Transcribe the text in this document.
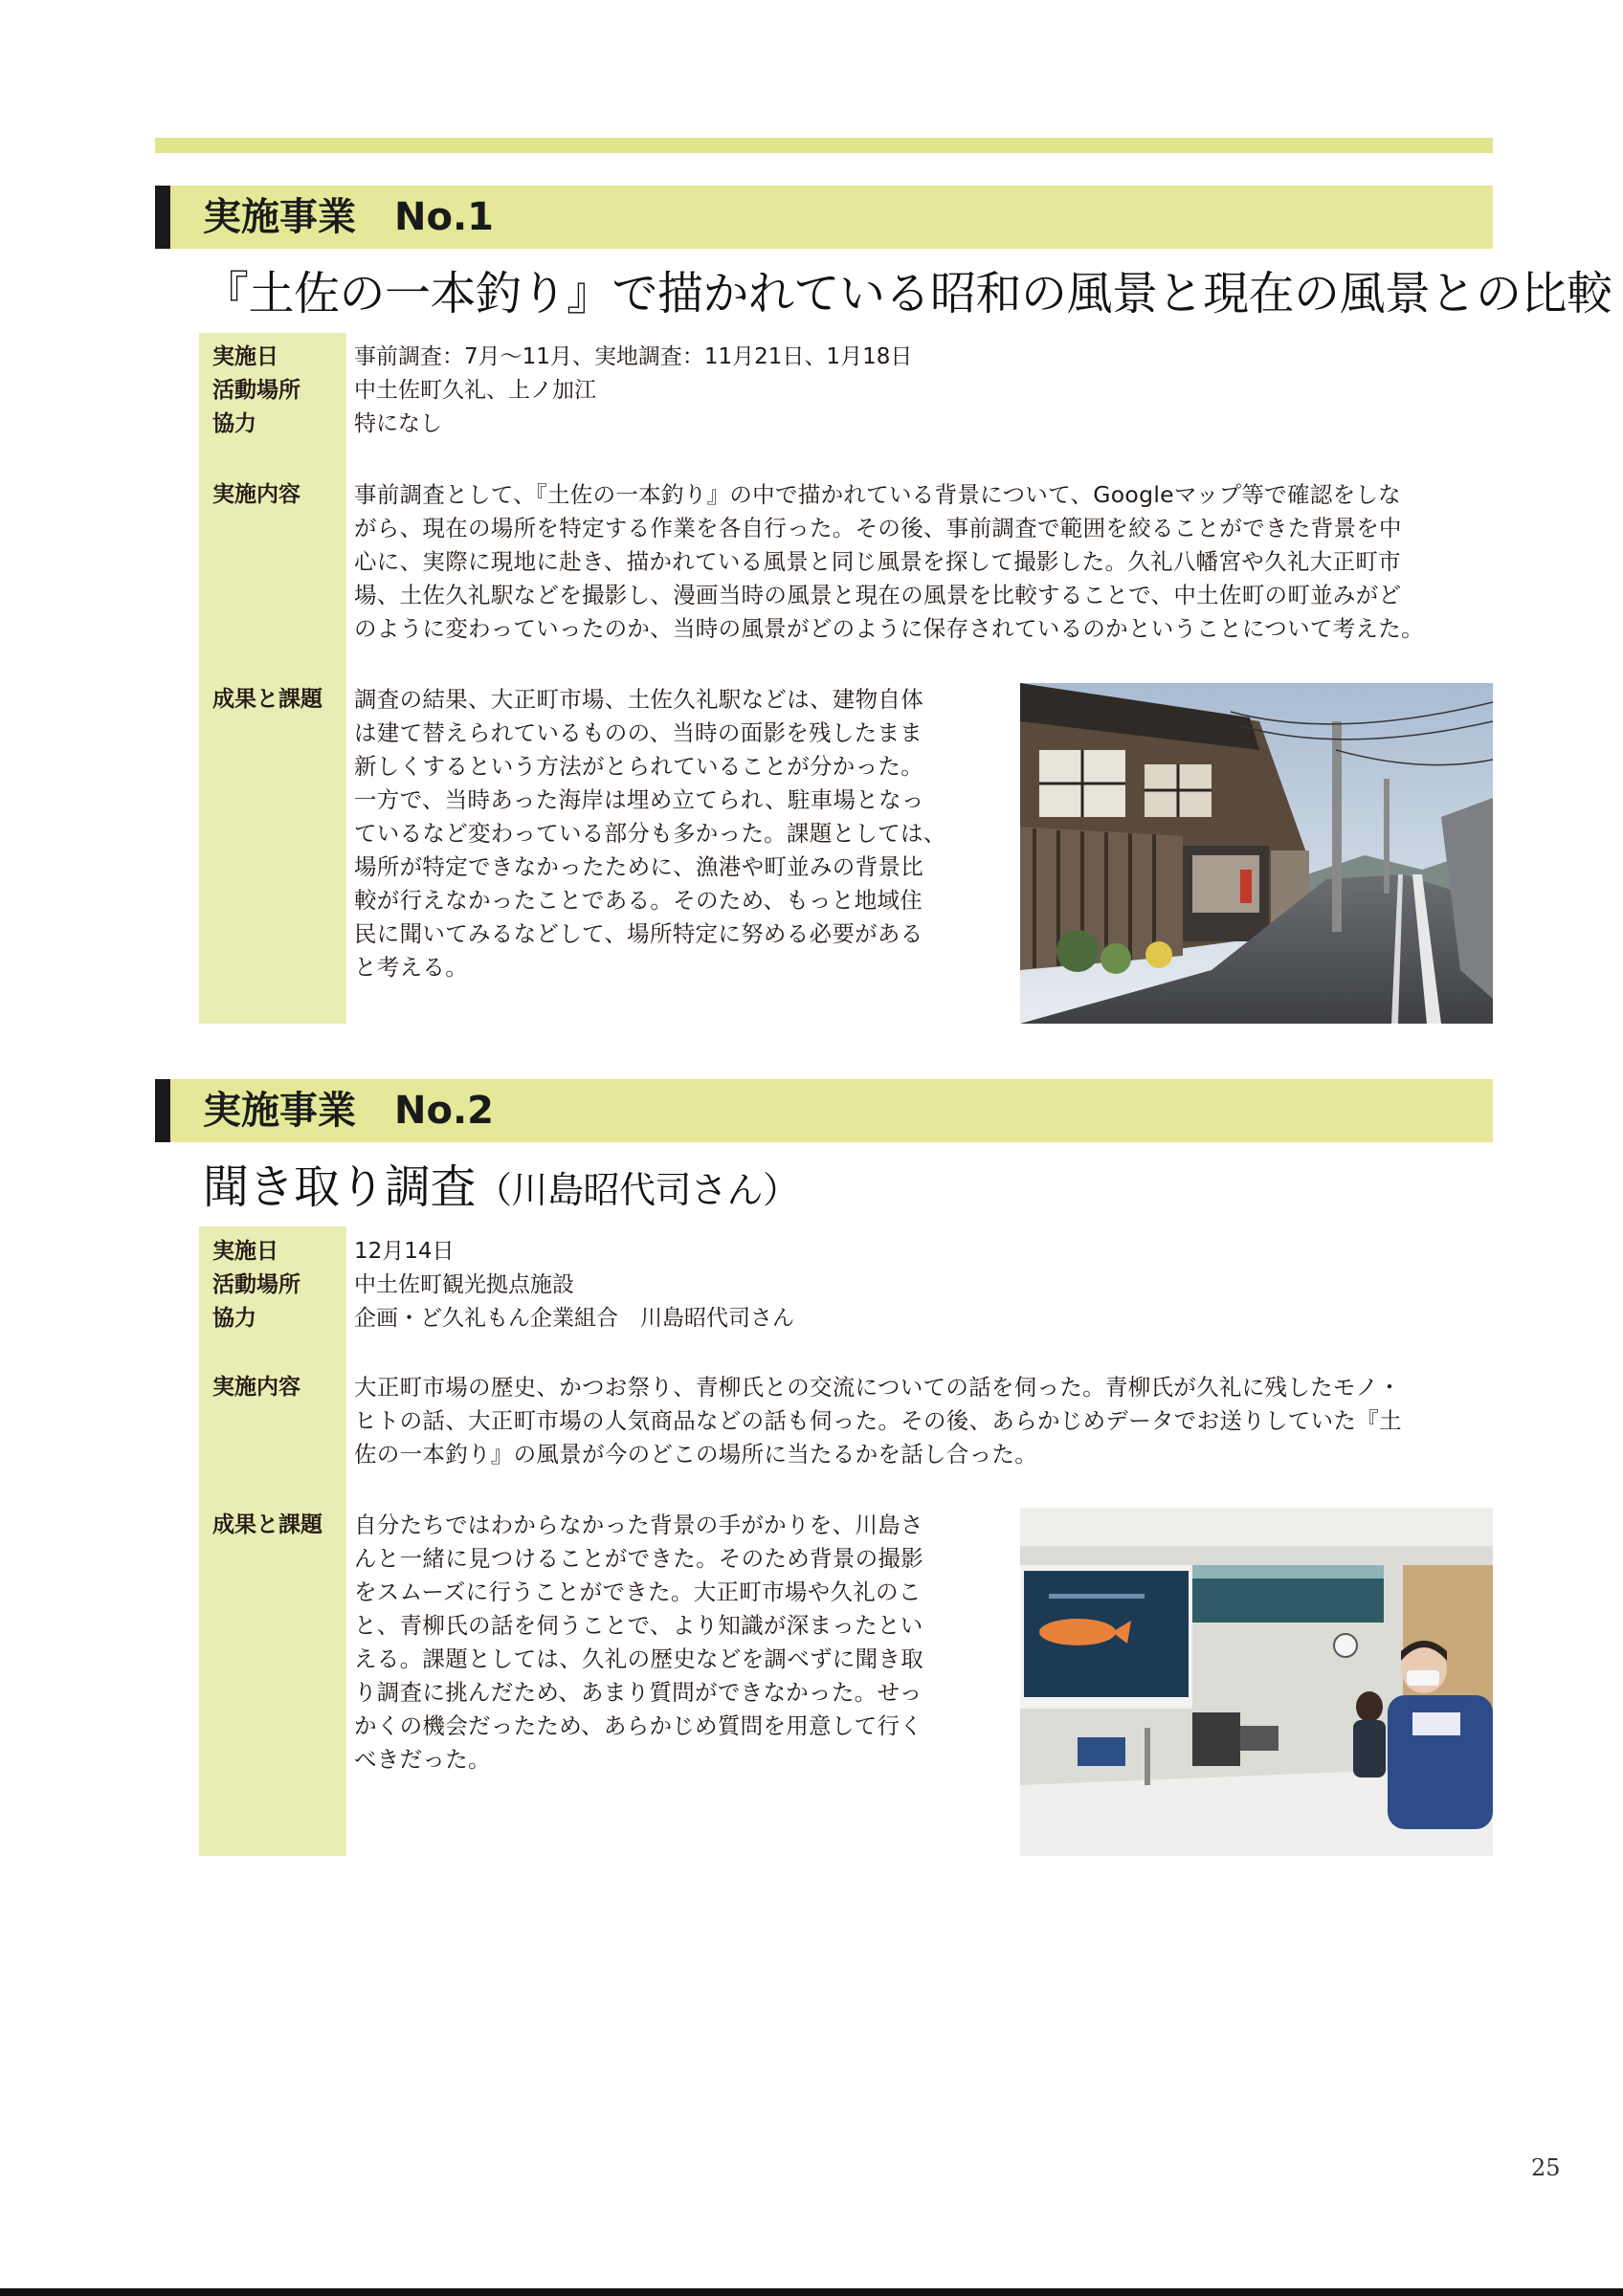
実施事業　No.1
『土佐の一本釣り』で描かれている昭和の風景と現在の風景との比較
実施日	事前調査：7月～11月、実地調査：11月21日、1月18日
活動場所 中土佐町久礼、上ノ加江
協力	特になし
実施内容 事前調査として、『土佐の一本釣り』の中で描かれている背景について、Googleマップ等で確認をしな
がら、現在の場所を特定する作業を各自行った。その後、事前調査で範囲を絞ることができた背景を中
心に、実際に現地に赴き、描かれている風景と同じ風景を探して撮影した。久礼八幡宮や久礼大正町市
場、土佐久礼駅などを撮影し、漫画当時の風景と現在の風景を比較することで、中土佐町の町並みがど
のように変わっていったのか、当時の風景がどのように保存されているのかということについて考えた。
成果と課題 調査の結果、大正町市場、土佐久礼駅などは、建物自体
は建て替えられているものの、当時の面影を残したまま
新しくするという方法がとられていることが分かった。
一方で、当時あった海岸は埋め立てられ、駐車場となっ
ているなど変わっている部分も多かった。課題としては、
場所が特定できなかったために、漁港や町並みの背景比
較が行えなかったことである。そのため、もっと地域住
民に聞いてみるなどして、場所特定に努める必要がある
と考える。
実施事業　No.2
聞き取り調査（川島昭代司さん）
実施日	12月14日
活動場所 中土佐町観光拠点施設
協力	企画・ど久礼もん企業組合　川島昭代司さん
実施内容 大正町市場の歴史、かつお祭り、青柳氏との交流についての話を伺った。青柳氏が久礼に残したモノ・
ヒトの話、大正町市場の人気商品などの話も伺った。その後、あらかじめデータでお送りしていた『土
佐の一本釣り』の風景が今のどこの場所に当たるかを話し合った。
成果と課題 自分たちではわからなかった背景の手がかりを、川島さ
んと一緒に見つけることができた。そのため背景の撮影
をスムーズに行うことができた。大正町市場や久礼のこ
と、青柳氏の話を伺うことで、より知識が深まったとい
える。課題としては、久礼の歴史などを調べずに聞き取
り調査に挑んだため、あまり質問ができなかった。せっ
かくの機会だったため、あらかじめ質問を用意して行く
べきだった。
25
